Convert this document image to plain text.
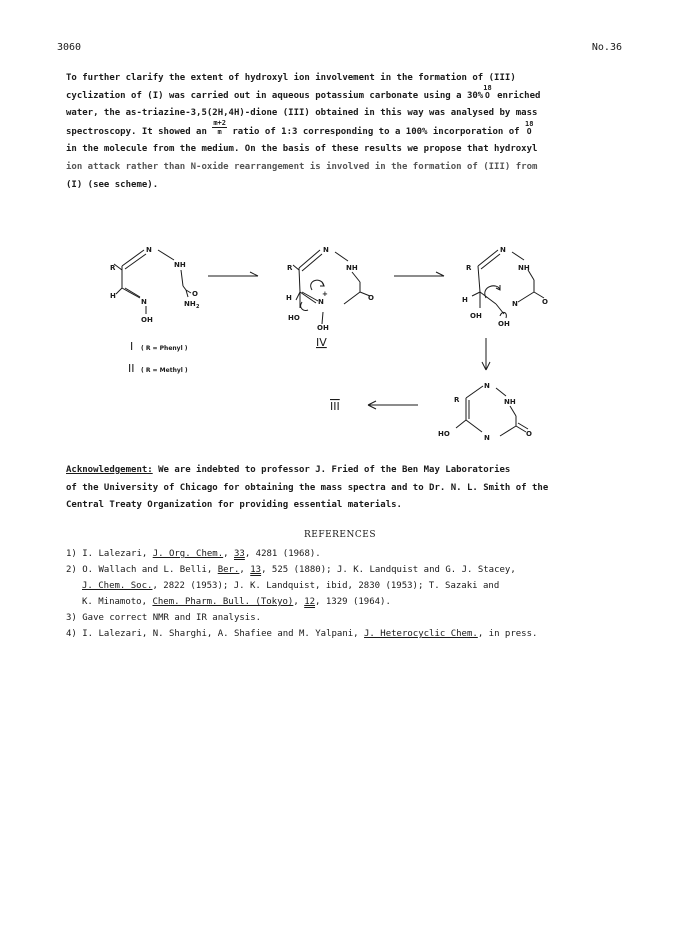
3060	No.36

To further clarify the extent of hydroxyl ion involvement in the formation of (III)

cyclization of (I) was carried out in aqueous potassium carbonate using a 30%
18
O enriched

water, the as-triazine-3,5(2H,4H)-dione (III) obtained in this way was analysed by mass

spectroscopy. It showed an $\frac{m+2}{m}$ ratio of 1:3 corresponding to a 100% incorporation of
18
O

in the molecule from the medium. On the basis of these results we propose that hydroxyl

ion attack rather than N-oxide rearrangement is involved in the formation of (III) from

(I) (see scheme).

R
N
NH
O
NH 2
H
N
OH
I ( R = Phenyl )
II ( R = Methyl )
R
N
NH
N
+	O
H
HO
OH
IV
R
N
NH
N	O
H
OH
OH
R
N
NH
N	O
HO
III

Acknowledgement: We are indebted to professor J. Fried of the Ben May Laboratories

of the University of Chicago for obtaining the mass spectra and to Dr. N. L. Smith of the

Central Treaty Organization for providing essential materials.

REFERENCES

1) I. Lalezari, J. Org. Chem., 33, 4281 (1968).

2) O. Wallach and L. Belli, Ber., 13, 525 (1880); J. K. Landquist and G. J. Stacey,

J. Chem. Soc., 2822 (1953); J. K. Landquist, ibid, 2830 (1953); T. Sazaki and

K. Minamoto, Chem. Pharm. Bull. (Tokyo), 12, 1329 (1964).

3) Gave correct NMR and IR analysis.

4) I. Lalezari, N. Sharghi, A. Shafiee and M. Yalpani, J. Heterocyclic Chem., in press.
